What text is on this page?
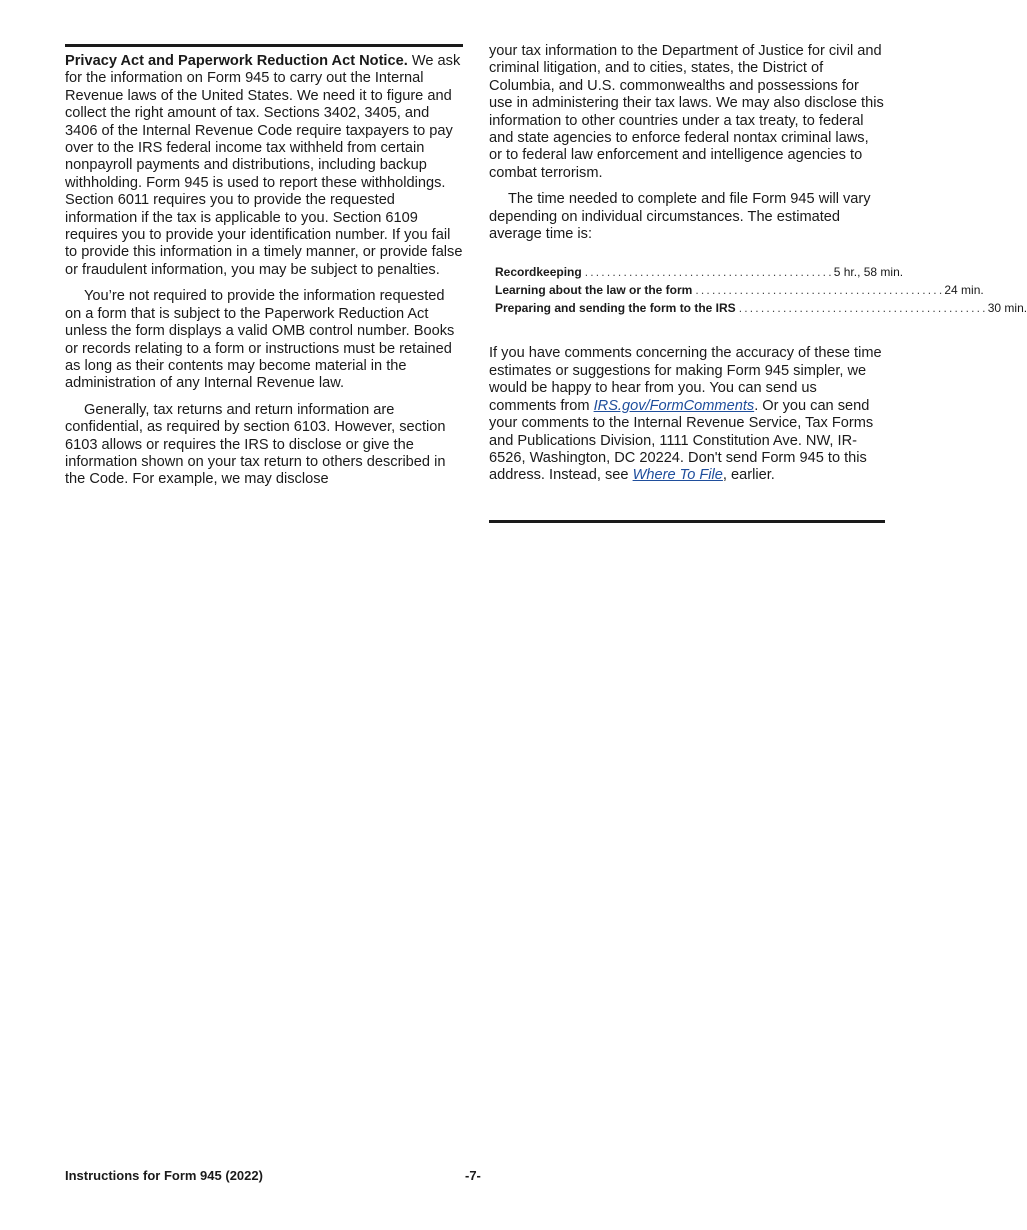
Privacy Act and Paperwork Reduction Act Notice. We ask for the information on Form 945 to carry out the Internal Revenue laws of the United States. We need it to figure and collect the right amount of tax. Sections 3402, 3405, and 3406 of the Internal Revenue Code require taxpayers to pay over to the IRS federal income tax withheld from certain nonpayroll payments and distributions, including backup withholding. Form 945 is used to report these withholdings. Section 6011 requires you to provide the requested information if the tax is applicable to you. Section 6109 requires you to provide your identification number. If you fail to provide this information in a timely manner, or provide false or fraudulent information, you may be subject to penalties.

You’re not required to provide the information requested on a form that is subject to the Paperwork Reduction Act unless the form displays a valid OMB control number. Books or records relating to a form or instructions must be retained as long as their contents may become material in the administration of any Internal Revenue law.

Generally, tax returns and return information are confidential, as required by section 6103. However, section 6103 allows or requires the IRS to disclose or give the information shown on your tax return to others described in the Code. For example, we may disclose

your tax information to the Department of Justice for civil and criminal litigation, and to cities, states, the District of Columbia, and U.S. commonwealths and possessions for use in administering their tax laws. We may also disclose this information to other countries under a tax treaty, to federal and state agencies to enforce federal nontax criminal laws, or to federal law enforcement and intelligence agencies to combat terrorism.

The time needed to complete and file Form 945 will vary depending on individual circumstances. The estimated average time is:

Recordkeeping ............................................. 5 hr., 58 min.
Learning about the law or the form ............................................. 24 min.
Preparing and sending the form to the IRS ............................................. 30 min.

If you have comments concerning the accuracy of these time estimates or suggestions for making Form 945 simpler, we would be happy to hear from you. You can send us comments from IRS.gov/FormComments. Or you can send your comments to the Internal Revenue Service, Tax Forms and Publications Division, 1111 Constitution Ave. NW, IR-6526, Washington, DC 20224. Don't send Form 945 to this address. Instead, see Where To File, earlier.

Instructions for Form 945 (2022)	-7-
